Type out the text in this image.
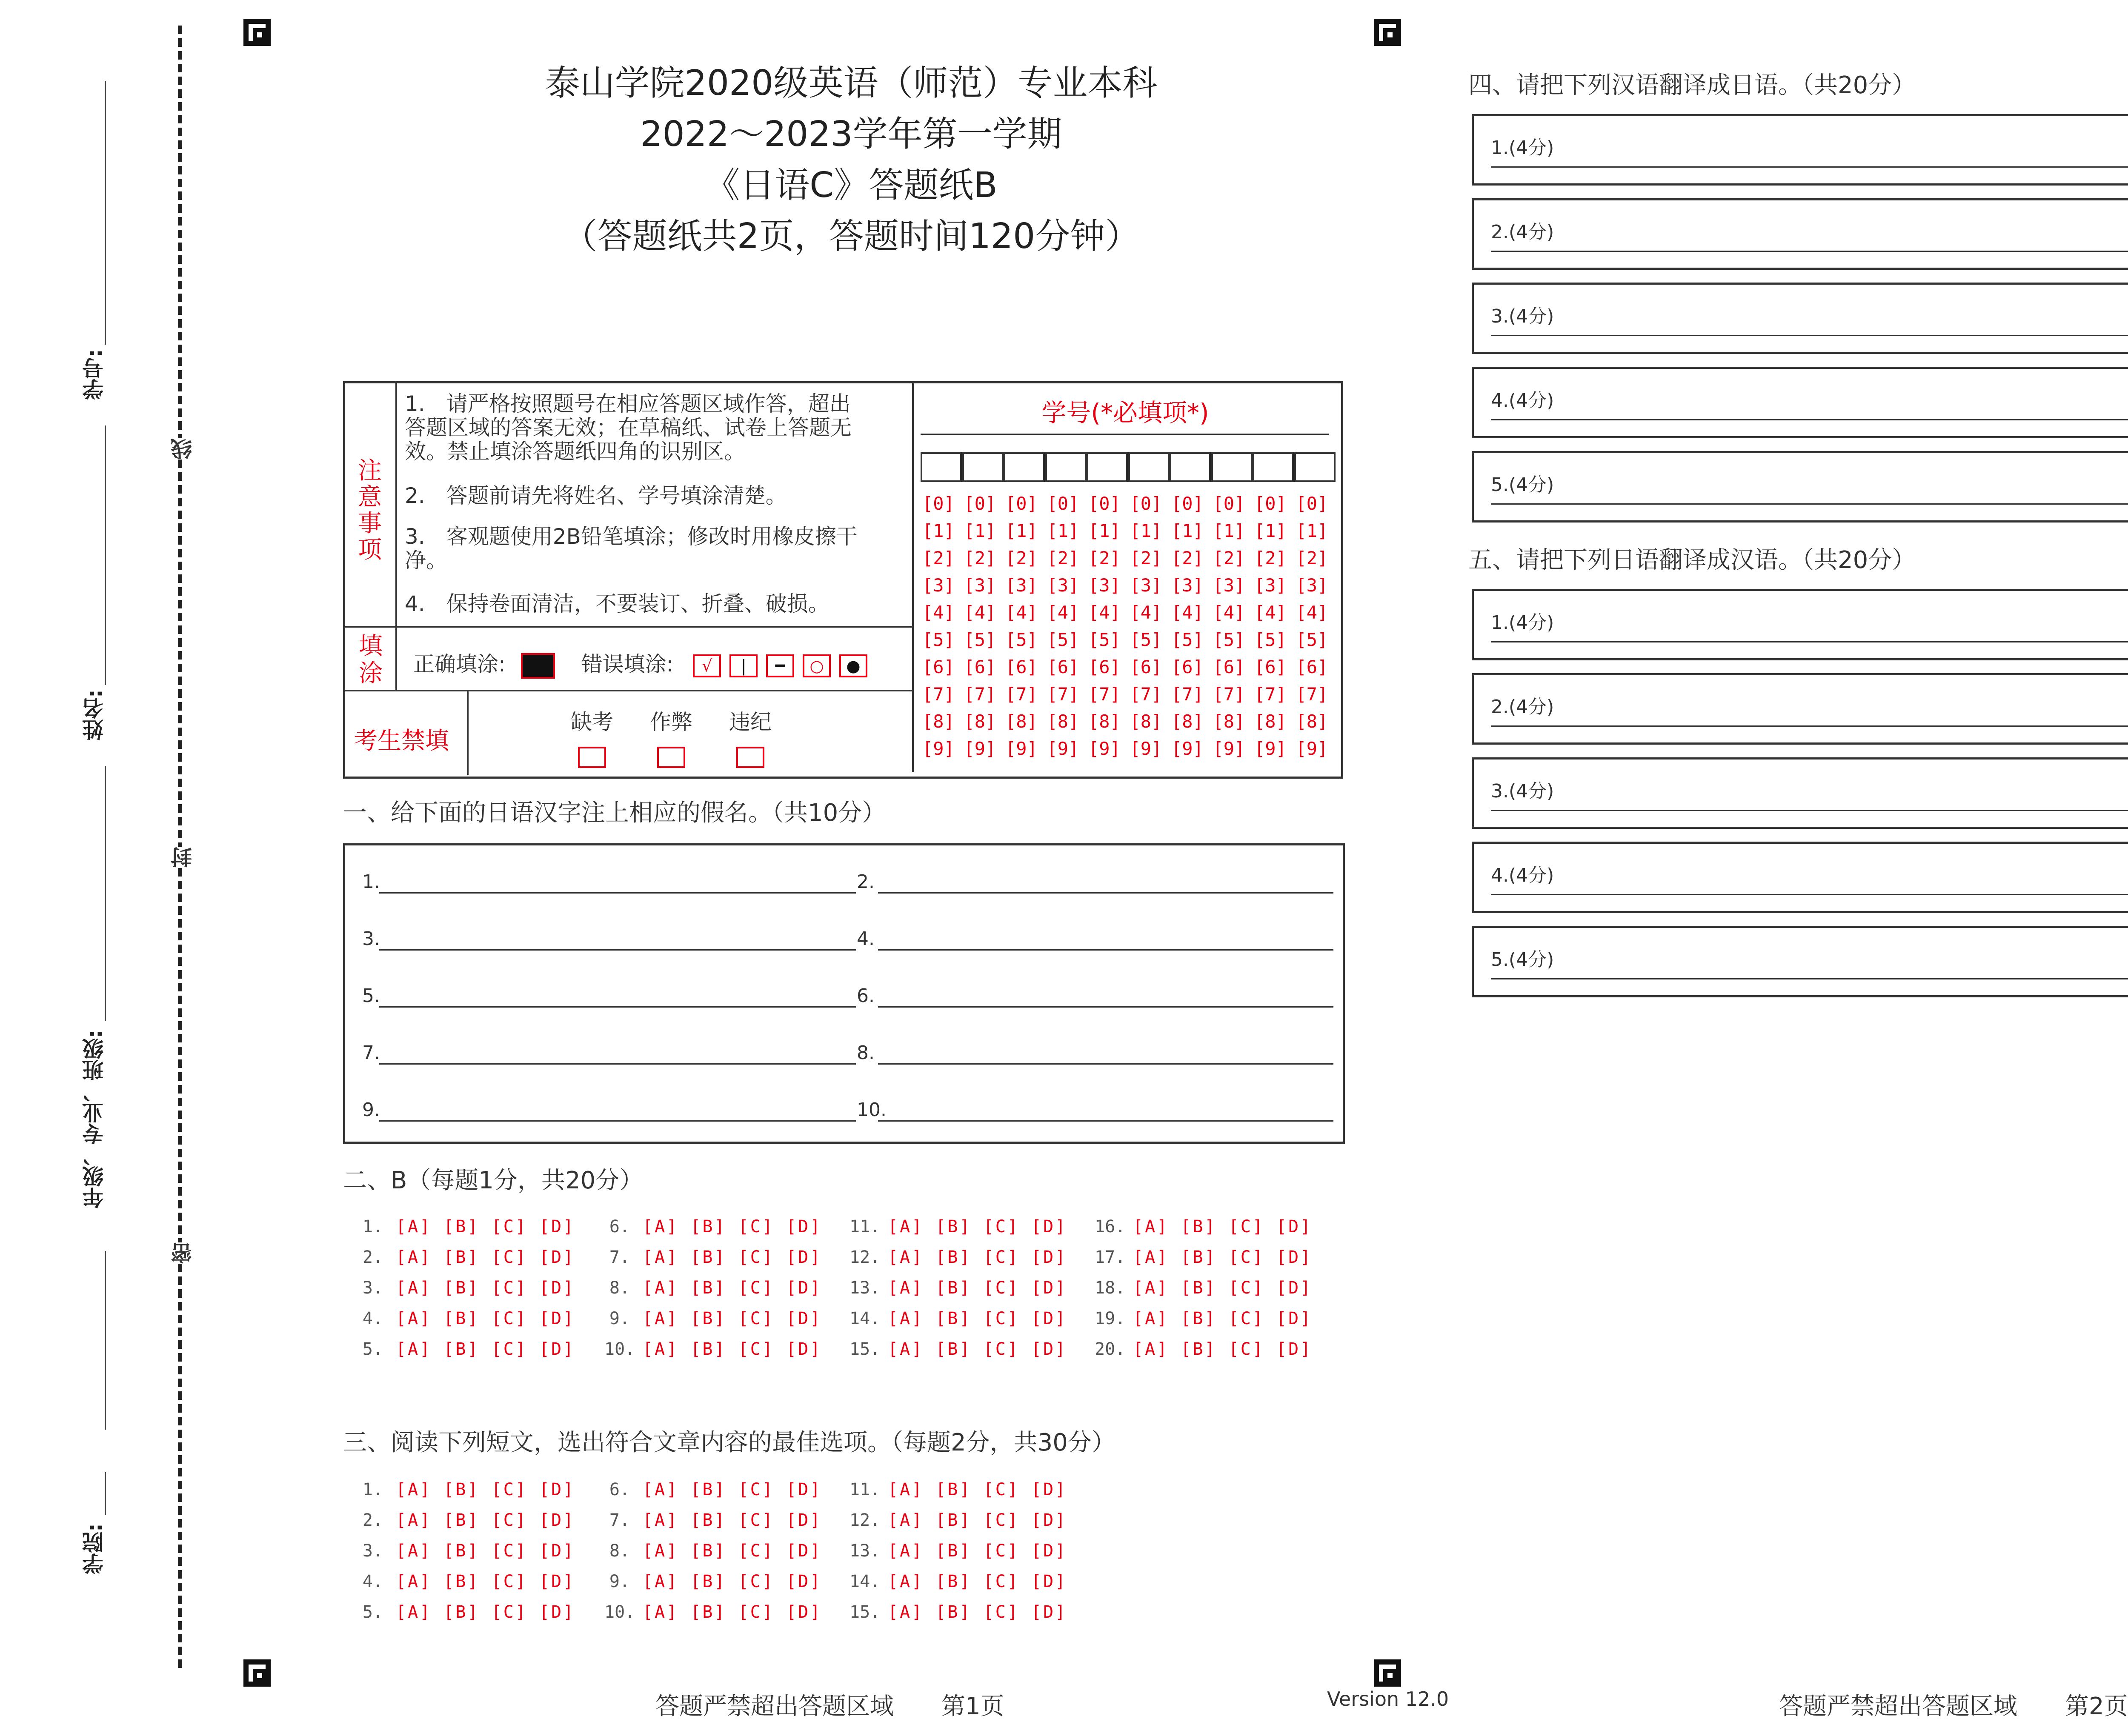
线
封
密
学号:
姓名:
年级、专业、班级:
学院:
泰山学院2020级英语（师范）专业本科
2022～2023学年第一学期
《日语C》答题纸B
（答题纸共2页，答题时间120分钟）
注意事项
1.　请严格按照题号在相应答题区域作答，超出答题区域的答案无效；在草稿纸、试卷上答题无效。禁止填涂答题纸四角的识别区。
2.　答题前请先将姓名、学号填涂清楚。
3.　客观题使用2B铅笔填涂；修改时用橡皮擦干净。
4.　保持卷面清洁，不要装订、折叠、破损。
填涂 正确填涂:	错误填涂: √ | ━ ○ ●
考生禁填
缺考 作弊 违纪
学号(*必填项*)
[0] [0] [0] [0] [0] [0] [0] [0] [0] [0]
[1] [1] [1] [1] [1] [1] [1] [1] [1] [1]
[2] [2] [2] [2] [2] [2] [2] [2] [2] [2]
[3] [3] [3] [3] [3] [3] [3] [3] [3] [3]
[4] [4] [4] [4] [4] [4] [4] [4] [4] [4]
[5] [5] [5] [5] [5] [5] [5] [5] [5] [5]
[6] [6] [6] [6] [6] [6] [6] [6] [6] [6]
[7] [7] [7] [7] [7] [7] [7] [7] [7] [7]
[8] [8] [8] [8] [8] [8] [8] [8] [8] [8]
[9] [9] [9] [9] [9] [9] [9] [9] [9] [9]
一、给下面的日语汉字注上相应的假名。（共10分）
1.	2.
3.	4.
5.	6.
7.	8.
9.	10.
二、B（每题1分，共20分）
1. [A] [B] [C] [D]
2. [A] [B] [C] [D]
3. [A] [B] [C] [D]
4. [A] [B] [C] [D]
5. [A] [B] [C] [D]
6. [A] [B] [C] [D]
7. [A] [B] [C] [D]
8. [A] [B] [C] [D]
9. [A] [B] [C] [D]
10. [A] [B] [C] [D]
11. [A] [B] [C] [D]
12. [A] [B] [C] [D]
13. [A] [B] [C] [D]
14. [A] [B] [C] [D]
15. [A] [B] [C] [D]
16. [A] [B] [C] [D]
17. [A] [B] [C] [D]
18. [A] [B] [C] [D]
19. [A] [B] [C] [D]
20. [A] [B] [C] [D]
三、阅读下列短文，选出符合文章内容的最佳选项。（每题2分，共30分）
1. [A] [B] [C] [D]
2. [A] [B] [C] [D]
3. [A] [B] [C] [D]
4. [A] [B] [C] [D]
5. [A] [B] [C] [D]
6. [A] [B] [C] [D]
7. [A] [B] [C] [D]
8. [A] [B] [C] [D]
9. [A] [B] [C] [D]
10. [A] [B] [C] [D]
11. [A] [B] [C] [D]
12. [A] [B] [C] [D]
13. [A] [B] [C] [D]
14. [A] [B] [C] [D]
15. [A] [B] [C] [D]
四、请把下列汉语翻译成日语。（共20分）
1.(4分)
2.(4分)
3.(4分)
4.(4分)
5.(4分)
五、请把下列日语翻译成汉语。（共20分）
1.(4分)
2.(4分)
3.(4分)
4.(4分)
5.(4分)
答题严禁超出答题区域　　第1页	Version 12.0	答题严禁超出答题区域　　第2页
